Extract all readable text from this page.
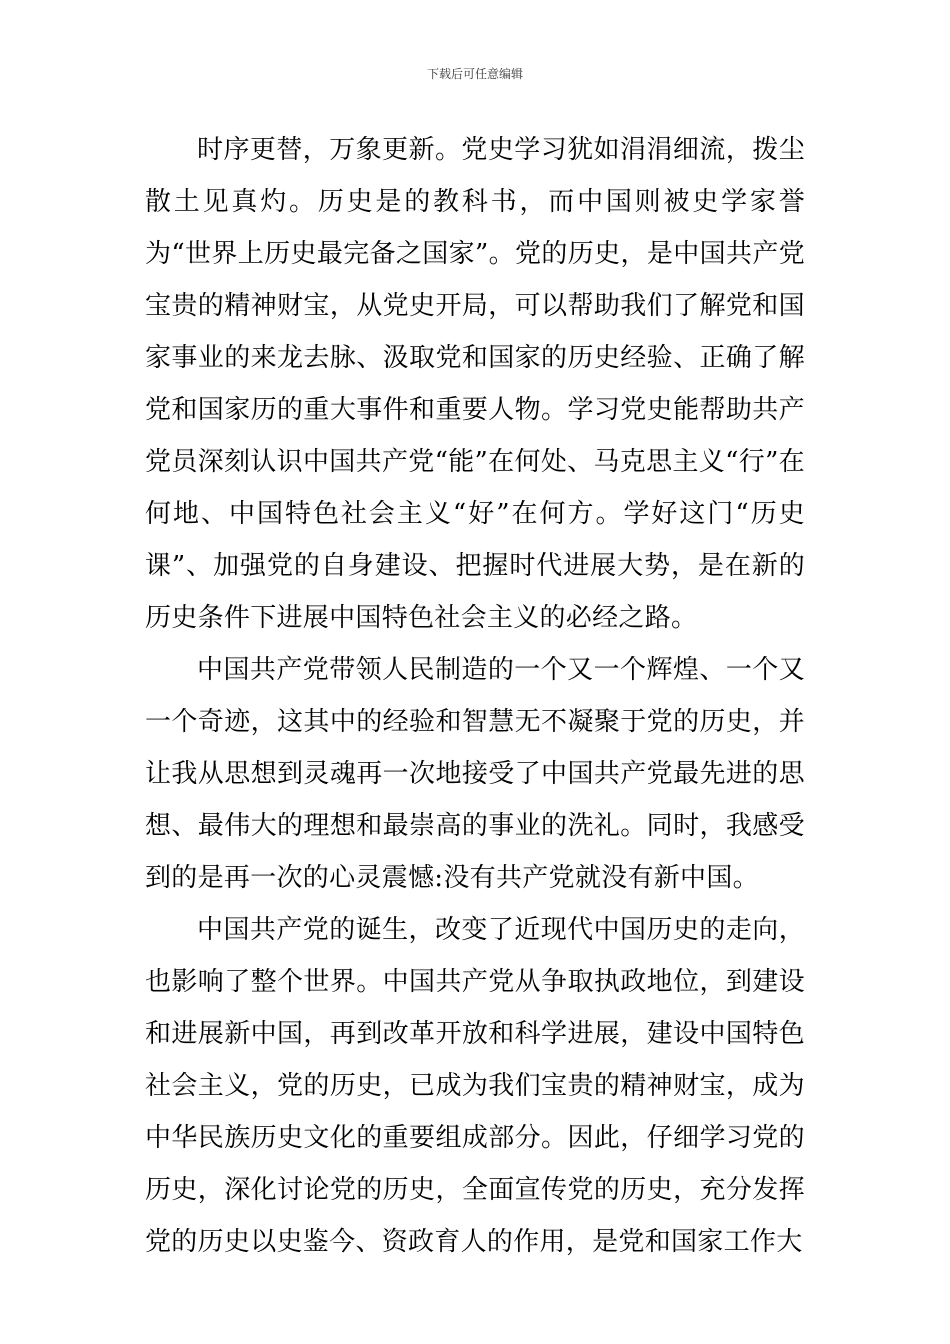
下载后可任意编辑

时序更替，万象更新。党史学习犹如涓涓细流，拨尘散土见真灼。历史是的教科书，而中国则被史学家誉为“世界上历史最完备之国家”。党的历史，是中国共产党宝贵的精神财宝，从党史开局，可以帮助我们了解党和国家事业的来龙去脉、汲取党和国家的历史经验、正确了解党和国家历的重大事件和重要人物。学习党史能帮助共产党员深刻认识中国共产党“能”在何处、马克思主义“行”在何地、中国特色社会主义“好”在何方。学好这门“历史课”、加强党的自身建设、把握时代进展大势，是在新的历史条件下进展中国特色社会主义的必经之路。

中国共产党带领人民制造的一个又一个辉煌、一个又一个奇迹，这其中的经验和智慧无不凝聚于党的历史，并让我从思想到灵魂再一次地接受了中国共产党最先进的思想、最伟大的理想和最崇高的事业的洗礼。同时，我感受到的是再一次的心灵震憾:没有共产党就没有新中国。

中国共产党的诞生，改变了近现代中国历史的走向，也影响了整个世界。中国共产党从争取执政地位，到建设和进展新中国，再到改革开放和科学进展，建设中国特色社会主义，党的历史，已成为我们宝贵的精神财宝，成为中华民族历史文化的重要组成部分。因此，仔细学习党的历史，深化讨论党的历史，全面宣传党的历史，充分发挥党的历史以史鉴今、资政育人的作用，是党和国家工作大
